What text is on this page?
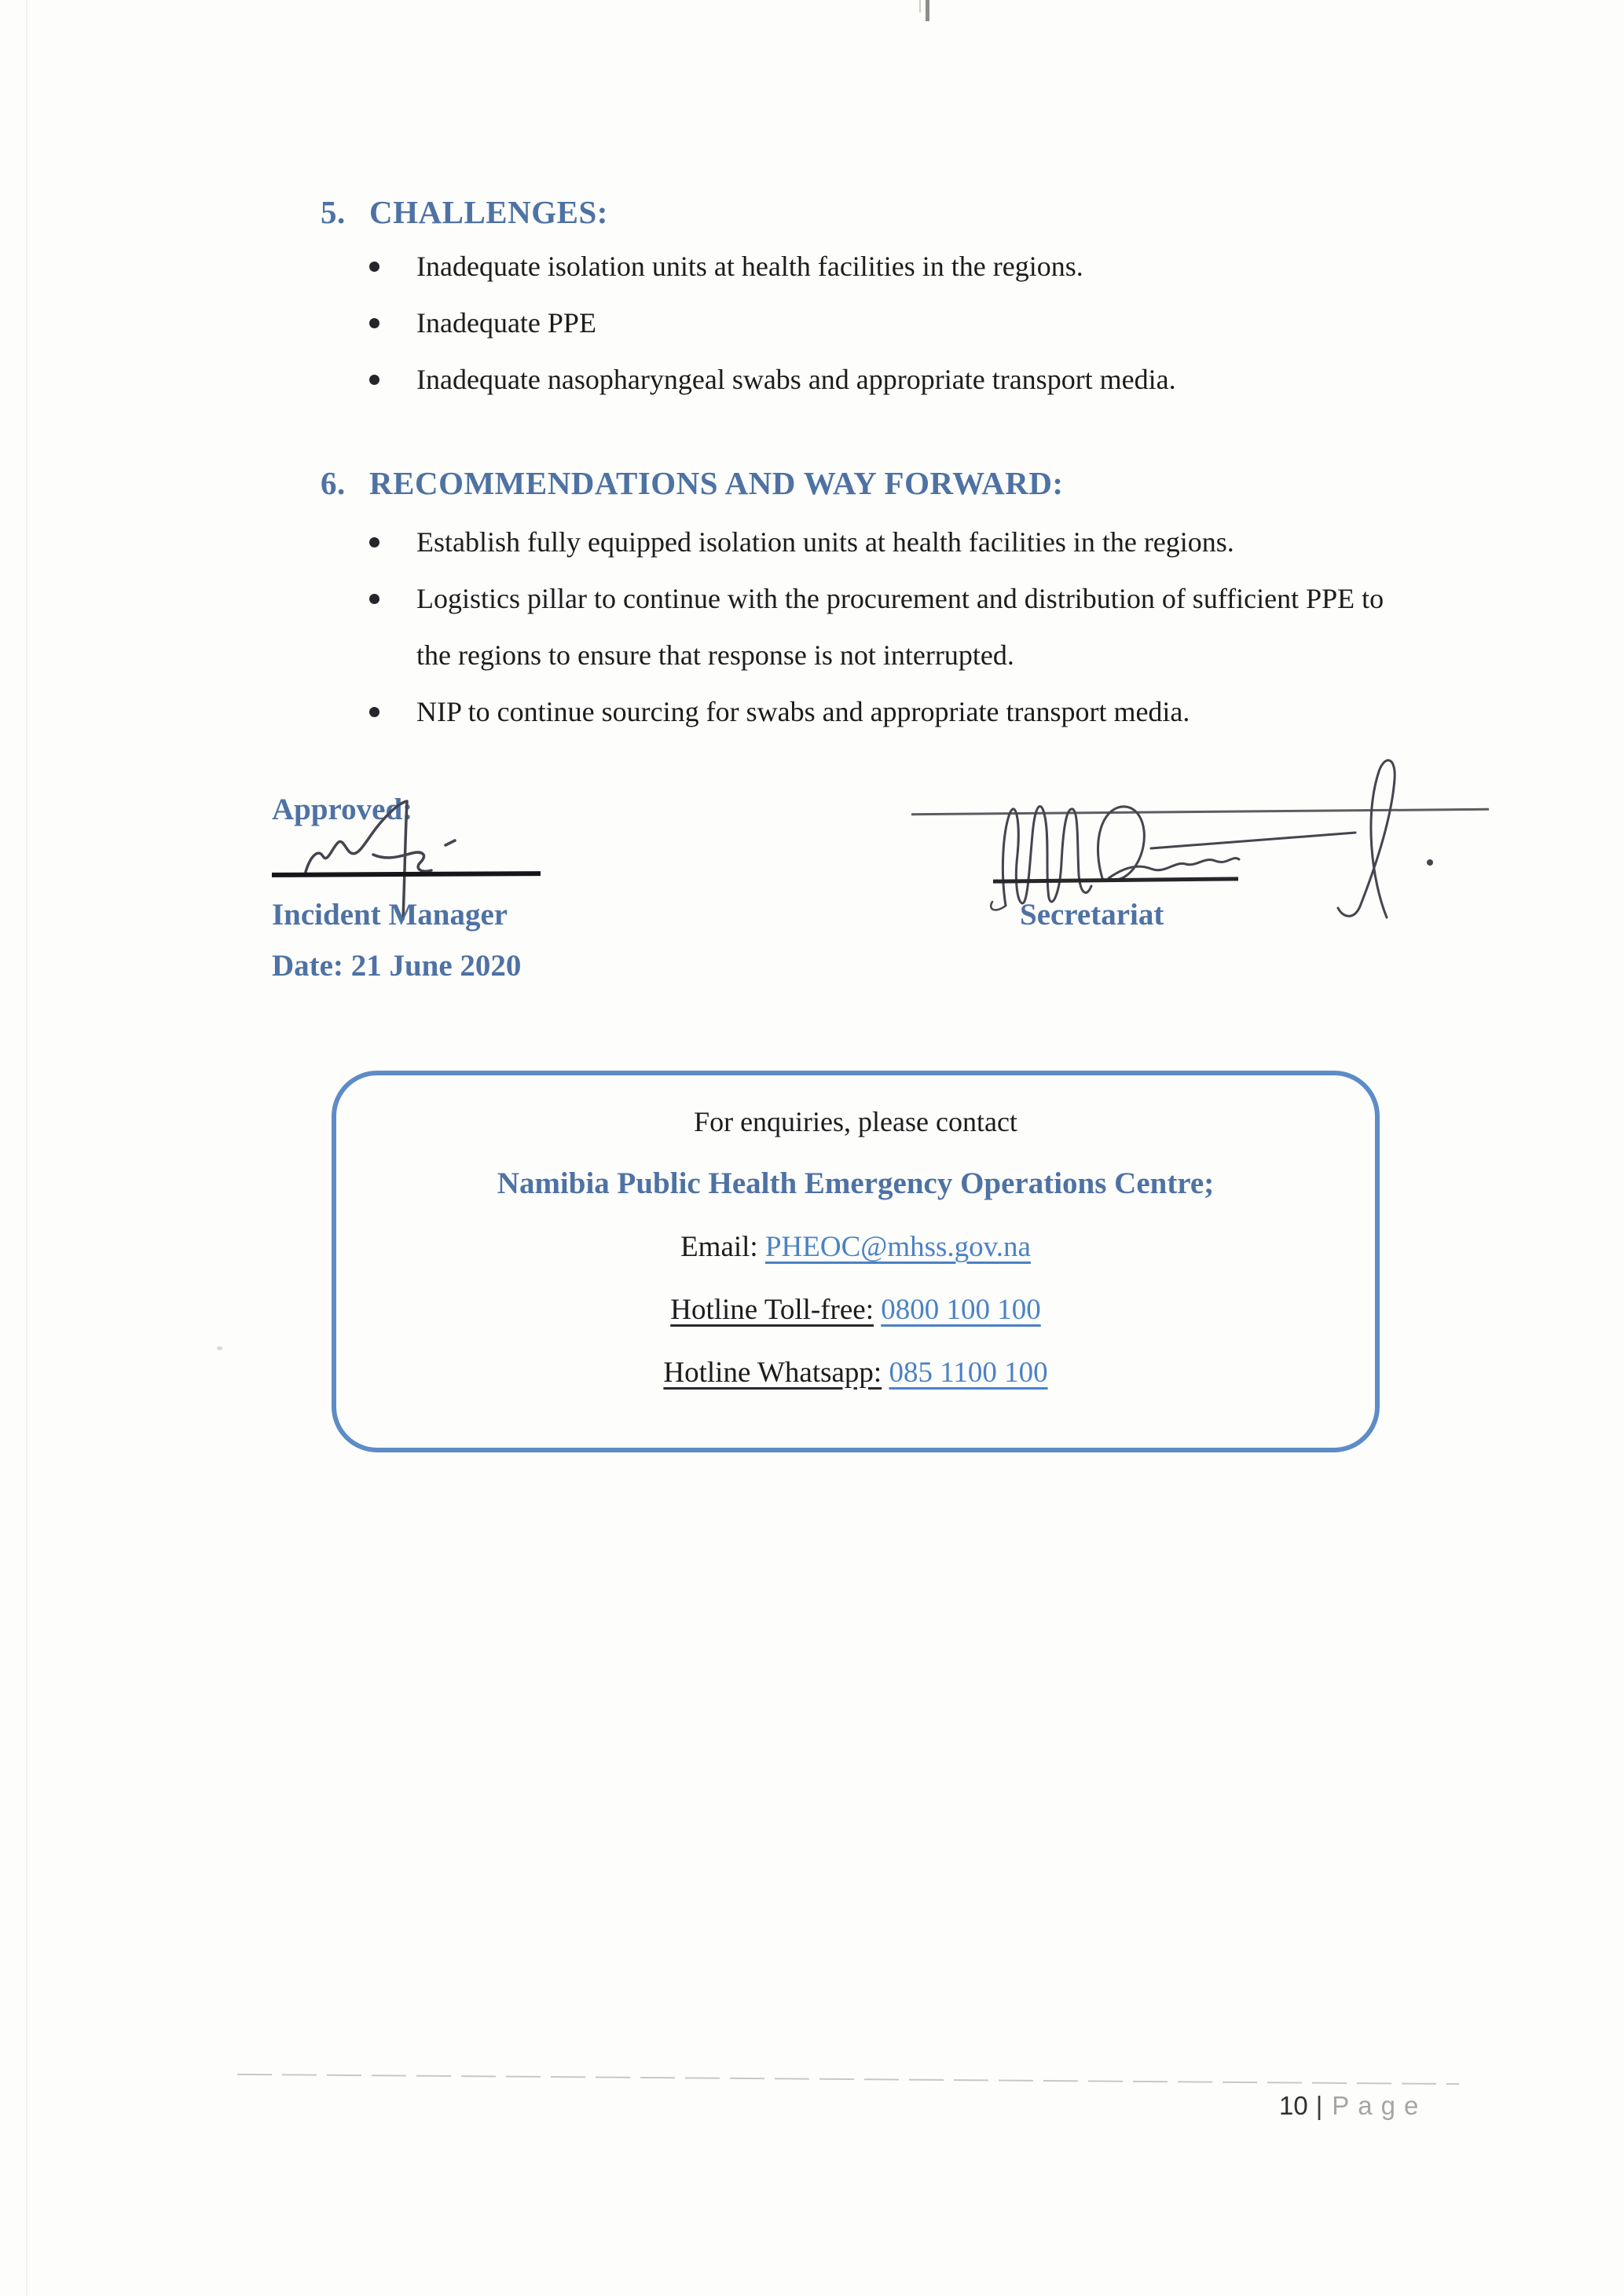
5. CHALLENGES:
Inadequate isolation units at health facilities in the regions.
Inadequate PPE
Inadequate nasopharyngeal swabs and appropriate transport media.
6. RECOMMENDATIONS AND WAY FORWARD:
Establish fully equipped isolation units at health facilities in the regions.
Logistics pillar to continue with the procurement and distribution of sufficient PPE to the regions to ensure that response is not interrupted.
NIP to continue sourcing for swabs and appropriate transport media.
Approved:
Incident Manager
Date: 21 June 2020
Secretariat
For enquiries, please contact
Namibia Public Health Emergency Operations Centre;
Email: PHEOC@mhss.gov.na
Hotline Toll-free: 0800 100 100
Hotline Whatsapp: 085 1100 100
10 | Page
